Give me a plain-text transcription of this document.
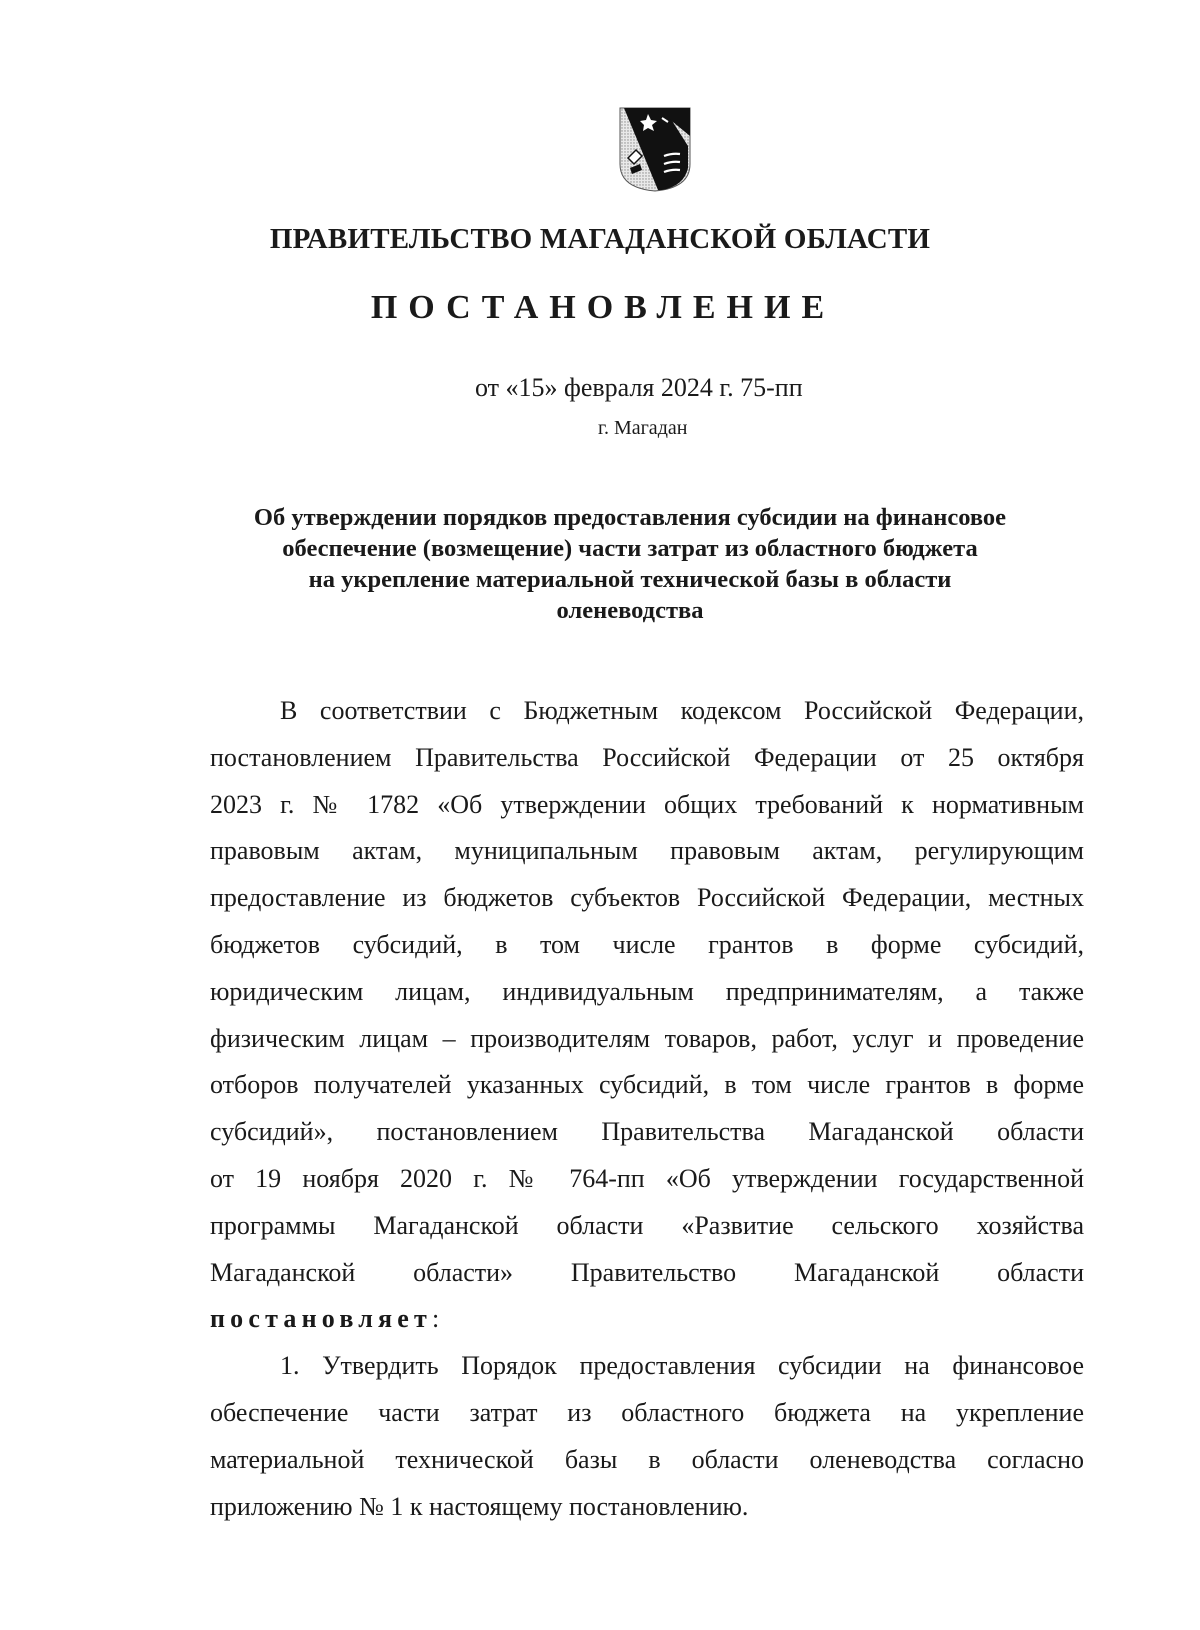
ПРАВИТЕЛЬСТВО МАГАДАНСКОЙ ОБЛАСТИ
ПОСТАНОВЛЕНИЕ
от «15» февраля 2024 г. 75-пп
г. Магадан
Об утверждении порядков предоставления субсидии на финансовое
обеспечение (возмещение) части затрат из областного бюджета
на укрепление материальной технической базы в области
оленеводства
В соответствии с Бюджетным кодексом Российской Федерации,
постановлением Правительства Российской Федерации от 25 октября
2023 г. № 1782 «Об утверждении общих требований к нормативным
правовым актам, муниципальным правовым актам, регулирующим
предоставление из бюджетов субъектов Российской Федерации, местных
бюджетов субсидий, в том числе грантов в форме субсидий,
юридическим лицам, индивидуальным предпринимателям, а также
физическим лицам – производителям товаров, работ, услуг и проведение
отборов получателей указанных субсидий, в том числе грантов в форме
субсидий», постановлением Правительства Магаданской области
от 19 ноября 2020 г. № 764-пп «Об утверждении государственной
программы Магаданской области «Развитие сельского хозяйства
Магаданской области» Правительство Магаданской области
постановляет:
1. Утвердить Порядок предоставления субсидии на финансовое
обеспечение части затрат из областного бюджета на укрепление
материальной технической базы в области оленеводства согласно
приложению № 1 к настоящему постановлению.
